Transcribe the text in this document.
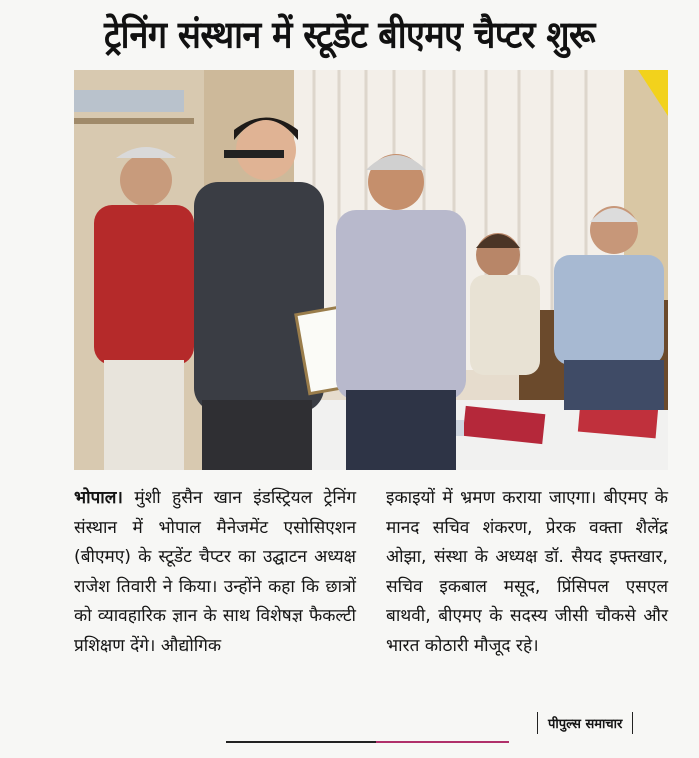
ट्रेनिंग संस्थान में स्टूडेंट बीएमए चैप्टर शुरू
भोपाल। मुंशी हुसैन खान इंडस्ट्रियल ट्रेनिंग संस्थान में भोपाल मैनेजमेंट एसोसिएशन (बीएमए) के स्टूडेंट चैप्टर का उद्घाटन अध्यक्ष राजेश तिवारी ने किया। उन्होंने कहा कि छात्रों को व्यावहारिक ज्ञान के साथ विशेषज्ञ फैकल्टी प्रशिक्षण देंगे। औद्योगिक
इकाइयों में भ्रमण कराया जाएगा। बीएमए के मानद सचिव शंकरण, प्रेरक वक्ता शैलेंद्र ओझा, संस्था के अध्यक्ष डॉ. सैयद इफ्तखार, सचिव इकबाल मसूद, प्रिंसिपल एसएल बाथवी, बीएमए के सदस्य जीसी चौकसे और भारत कोठारी मौजूद रहे।
पीपुल्स समाचार
